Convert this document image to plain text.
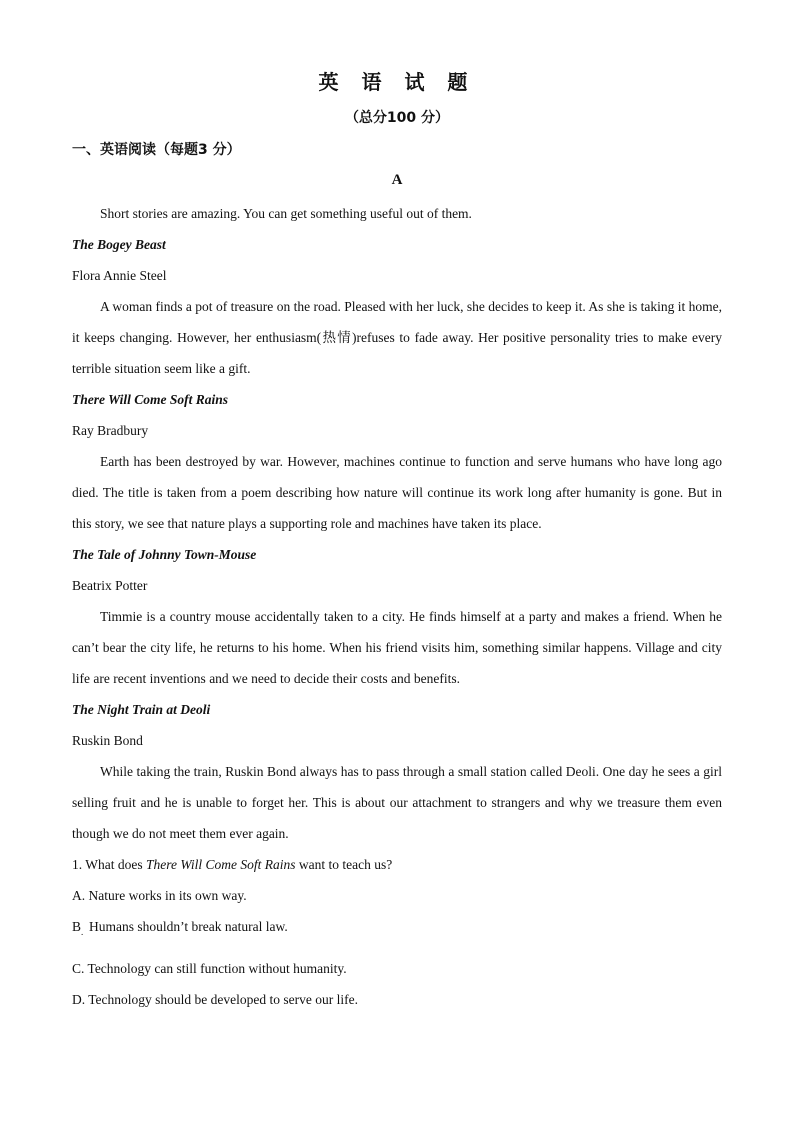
英 语 试 题
（总分100 分）
一、英语阅读（每题3 分）
A

Short stories are amazing. You can get something useful out of them.

The Bogey Beast

Flora Annie Steel

A woman finds a pot of treasure on the road. Pleased with her luck, she decides to keep it. As she is taking it home, it keeps changing. However, her enthusiasm(热情)refuses to fade away. Her positive personality tries to make every terrible situation seem like a gift.

There Will Come Soft Rains

Ray Bradbury

Earth has been destroyed by war. However, machines continue to function and serve humans who have long ago died. The title is taken from a poem describing how nature will continue its work long after humanity is gone. But in this story, we see that nature plays a supporting role and machines have taken its place.

The Tale of Johnny Town-Mouse

Beatrix Potter

Timmie is a country mouse accidentally taken to a city. He finds himself at a party and makes a friend. When he can’t bear the city life, he returns to his home. When his friend visits him, something similar happens. Village and city life are recent inventions and we need to decide their costs and benefits.

The Night Train at Deoli

Ruskin Bond

While taking the train, Ruskin Bond always has to pass through a small station called Deoli. One day he sees a girl selling fruit and he is unable to forget her. This is about our attachment to strangers and why we treasure them even though we do not meet them ever again.

1. What does There Will Come Soft Rains want to teach us?

A. Nature works in its own way.

B . Humans shouldn’t break natural law.

C. Technology can still function without humanity.

D. Technology should be developed to serve our life.
